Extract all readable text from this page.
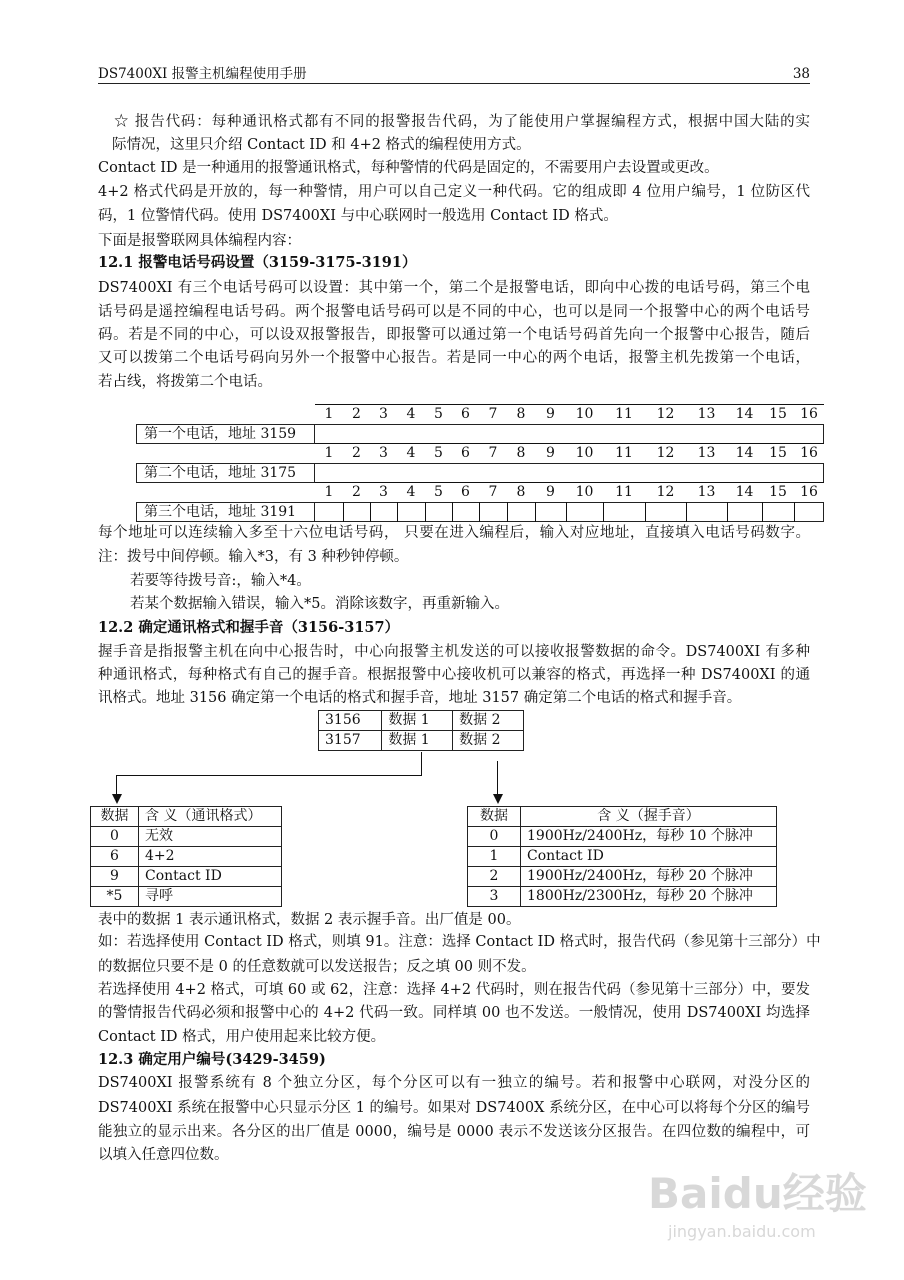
DS7400XI 报警主机编程使用手册	38
☆ 报告代码：每种通讯格式都有不同的报警报告代码，为了能使用户掌握编程方式，根据中国大陆的实
际情况，这里只介绍 Contact ID 和 4+2 格式的编程使用方式。
Contact ID 是一种通用的报警通讯格式，每种警情的代码是固定的，不需要用户去设置或更改。
4+2 格式代码是开放的，每一种警情，用户可以自己定义一种代码。它的组成即 4 位用户编号，1 位防区代
码，1 位警情代码。使用 DS7400XI 与中心联网时一般选用 Contact ID 格式。
下面是报警联网具体编程内容：
12.1 报警电话号码设置（3159-3175-3191）
DS7400XI 有三个电话号码可以设置：其中第一个，第二个是报警电话，即向中心拨的电话号码，第三个电
话号码是遥控编程电话号码。两个报警电话号码可以是不同的中心，也可以是同一个报警中心的两个电话号
码。若是不同的中心，可以设双报警报告，即报警可以通过第一个电话号码首先向一个报警中心报告，随后
又可以拨第二个电话号码向另外一个报警中心报告。若是同一中心的两个电话，报警主机先拨第一个电话，
若占线，将拨第二个电话。
1	2	3	4	5	6	7	8	9	10	11	12	13	14	15 16
第一个电话，地址 3159
1	2	3	4	5	6	7	8	9	10	11	12	13	14	15 16
第二个电话，地址 3175
1	2	3	4	5	6	7	8	9	10	11	12	13	14	15 16
第三个电话，地址 3191
每个地址可以连续输入多至十六位电话号码， 只要在进入编程后，输入对应地址，直接填入电话号码数字。
注：拨号中间停顿。输入*3，有 3 种秒钟停顿。
若要等待拨号音:，输入*4。
若某个数据输入错误，输入*5。消除该数字，再重新输入。
12.2 确定通讯格式和握手音（3156-3157）
握手音是指报警主机在向中心报告时，中心向报警主机发送的可以接收报警数据的命令。DS7400XI 有多种
种通讯格式，每种格式有自己的握手音。根据报警中心接收机可以兼容的格式，再选择一种 DS7400XI 的通
讯格式。地址 3156 确定第一个电话的格式和握手音，地址 3157 确定第二个电话的格式和握手音。
3156	数据 1	数据 2
3157	数据 1	数据 2
数据	含 义（通讯格式）
0	无效
6	4+2
9	Contact ID
*5	寻呼
数据	含 义（握手音）
0	1900Hz/2400Hz，每秒 10 个脉冲
1	Contact ID
2	1900Hz/2400Hz，每秒 20 个脉冲
3	1800Hz/2300Hz，每秒 20 个脉冲
表中的数据 1 表示通讯格式，数据 2 表示握手音。出厂值是 00。
如：若选择使用 Contact ID 格式，则填 91。注意：选择 Contact ID 格式时，报告代码（参见第十三部分）中
的数据位只要不是 0 的任意数就可以发送报告；反之填 00 则不发。
若选择使用 4+2 格式，可填 60 或 62，注意：选择 4+2 代码时，则在报告代码（参见第十三部分）中，要发
的警情报告代码必须和报警中心的 4+2 代码一致。同样填 00 也不发送。一般情况，使用 DS7400XI 均选择
Contact ID 格式，用户使用起来比较方便。
12.3 确定用户编号(3429-3459)
DS7400XI 报警系统有 8 个独立分区，每个分区可以有一独立的编号。若和报警中心联网，对没分区的
DS7400XI 系统在报警中心只显示分区 1 的编号。如果对 DS7400X 系统分区，在中心可以将每个分区的编号
能独立的显示出来。各分区的出厂值是 0000，编号是 0000 表示不发送该分区报告。在四位数的编程中，可
以填入任意四位数。
Baidu经验
jingyan.baidu.com
